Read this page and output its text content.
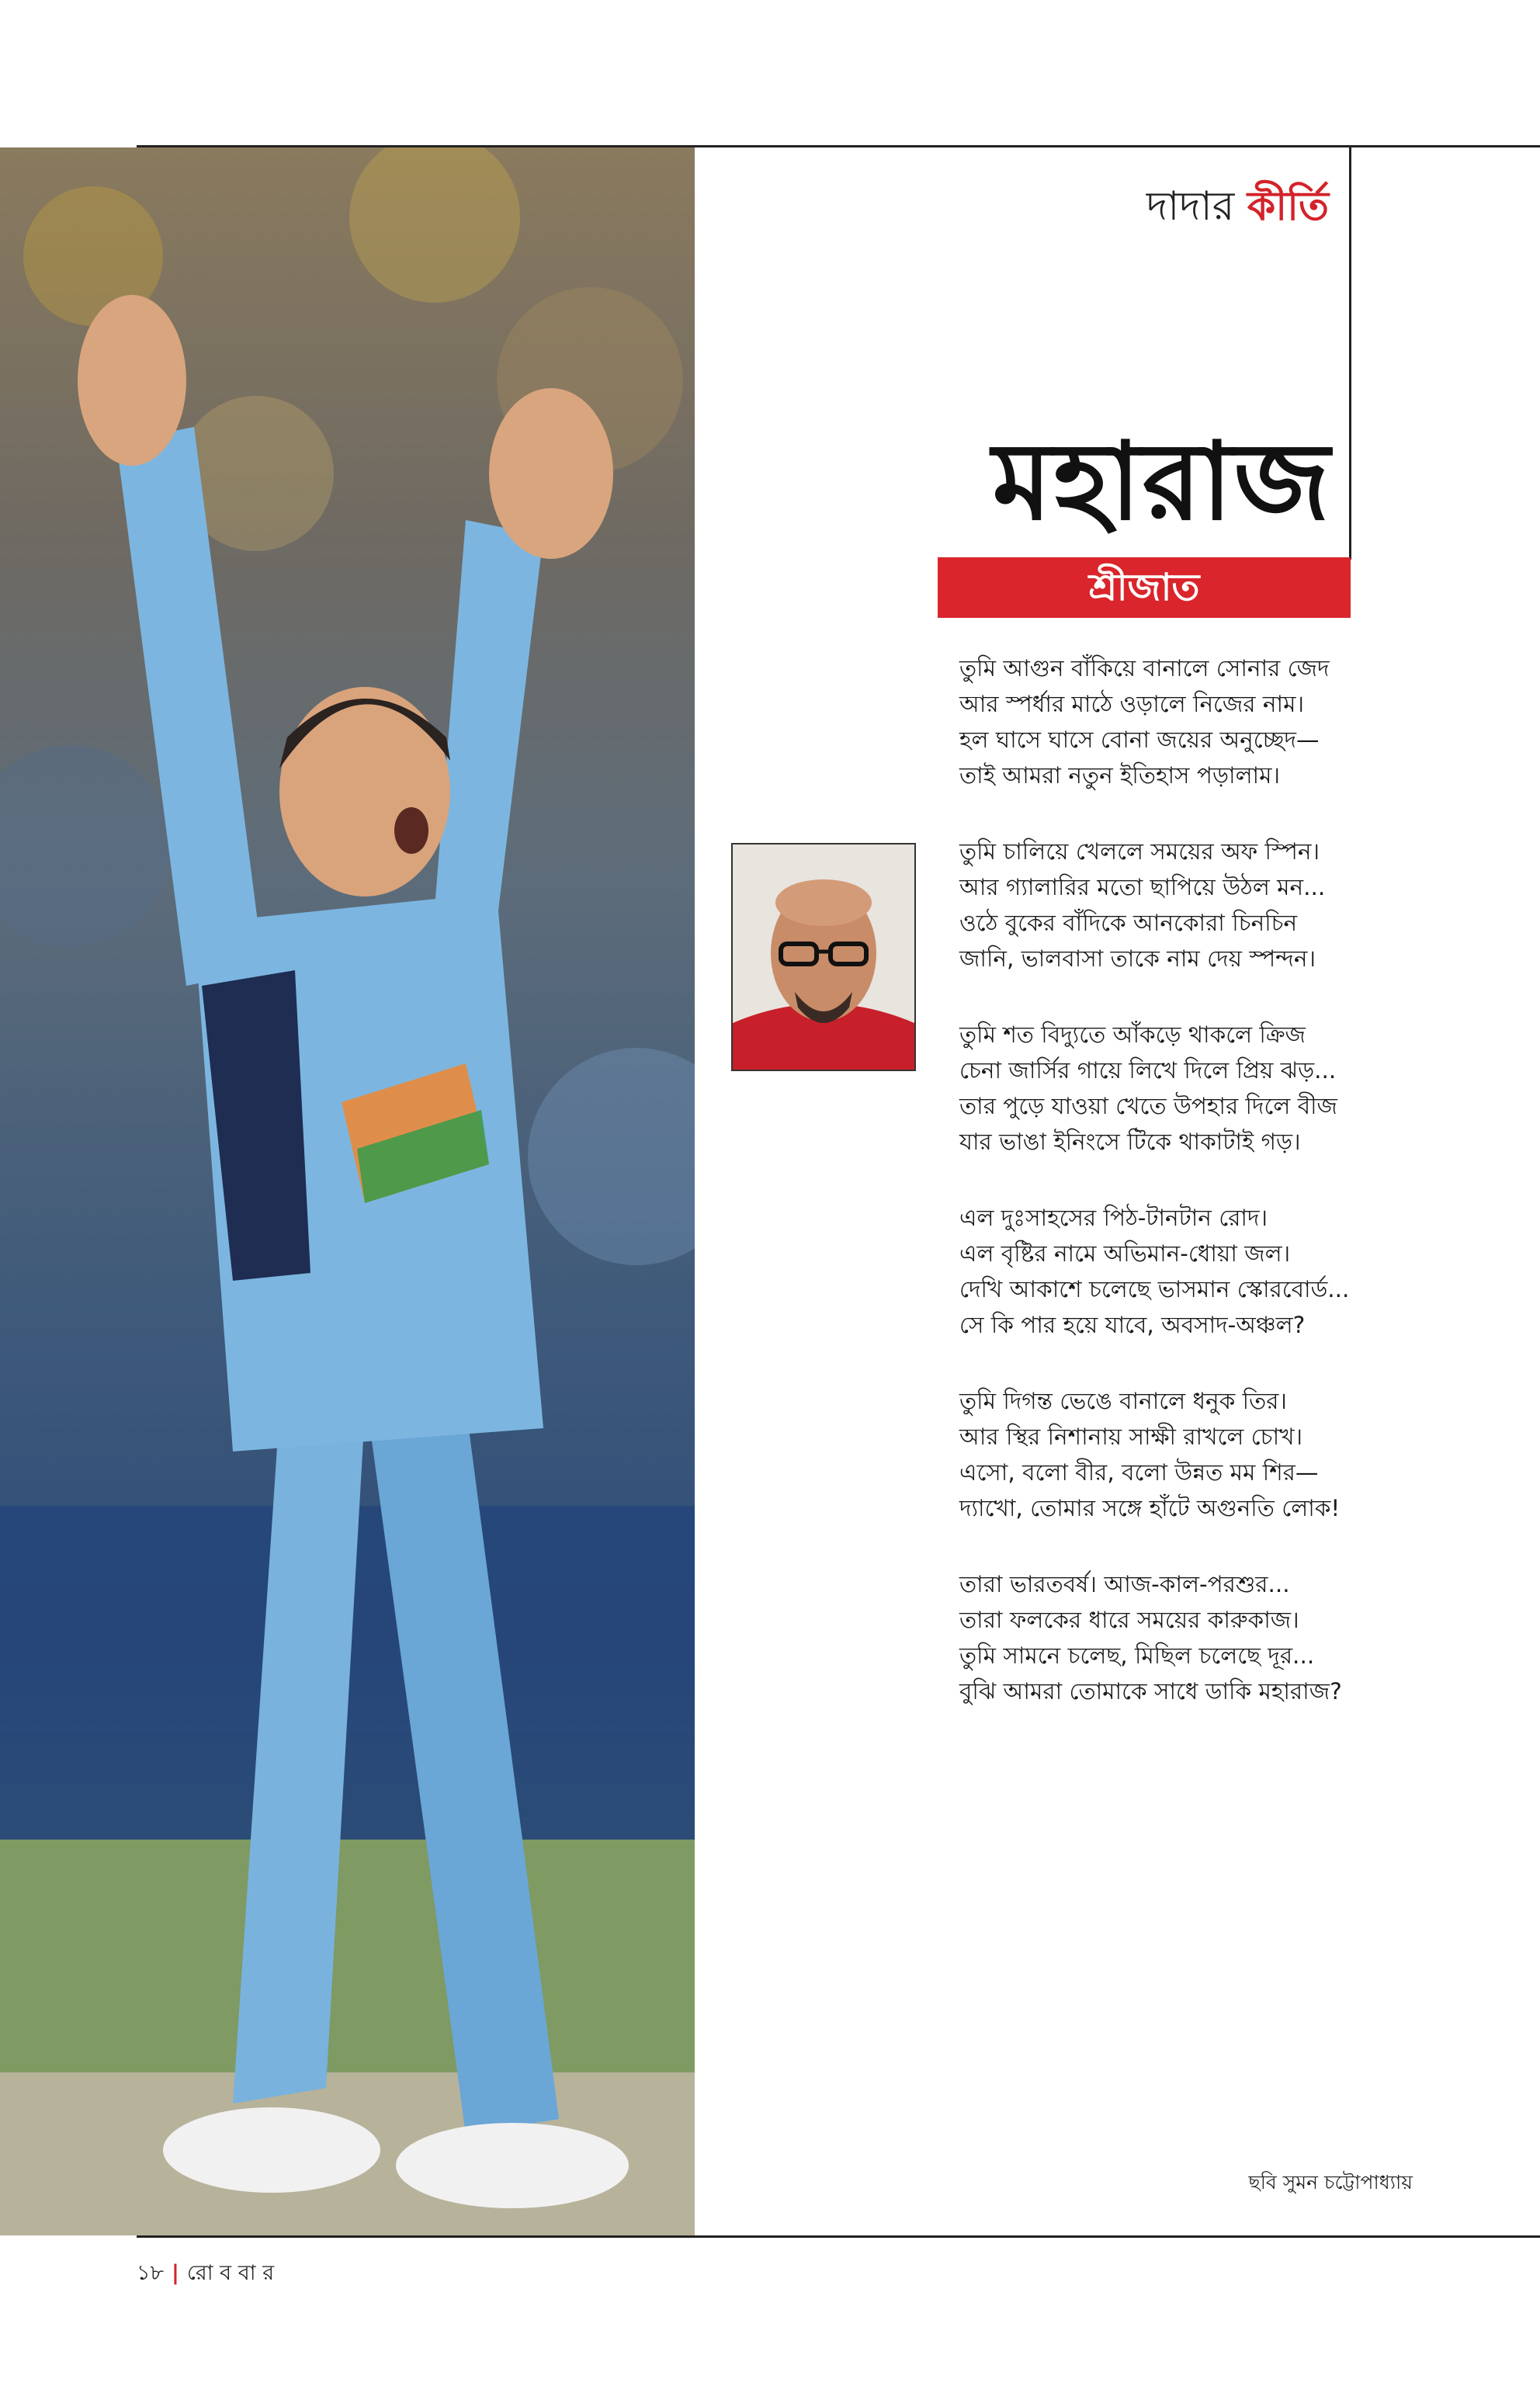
দাদার কীর্তি
মহারাজ
শ্রীজাত
তুমি আগুন বাঁকিয়ে বানালে সোনার জেদ
আর স্পর্ধার মাঠে ওড়ালে নিজের নাম।
হল ঘাসে ঘাসে বোনা জয়ের অনুচ্ছেদ—
তাই আমরা নতুন ইতিহাস পড়ালাম।
তুমি চালিয়ে খেললে সময়ের অফ স্পিন।
আর গ্যালারির মতো ছাপিয়ে উঠল মন...
ওঠে বুকের বাঁদিকে আনকোরা চিনচিন
জানি, ভালবাসা তাকে নাম দেয় স্পন্দন।
তুমি শত বিদ্যুতে আঁকড়ে থাকলে ক্রিজ
চেনা জার্সির গায়ে লিখে দিলে প্রিয় ঝড়...
তার পুড়ে যাওয়া খেতে উপহার দিলে বীজ
যার ভাঙা ইনিংসে টিকে থাকাটাই গড়।
এল দুঃসাহসের পিঠ-টানটান রোদ।
এল বৃষ্টির নামে অভিমান-ধোয়া জল।
দেখি আকাশে চলেছে ভাসমান স্কোরবোর্ড...
সে কি পার হয়ে যাবে, অবসাদ-অঞ্চল?
তুমি দিগন্ত ভেঙে বানালে ধনুক তির।
আর স্থির নিশানায় সাক্ষী রাখলে চোখ।
এসো, বলো বীর, বলো উন্নত মম শির—
দ্যাখো, তোমার সঙ্গে হাঁটে অগুনতি লোক!
তারা ভারতবর্ষ। আজ-কাল-পরশুর...
তারা ফলকের ধারে সময়ের কারুকাজ।
তুমি সামনে চলেছ, মিছিল চলেছে দূর...
বুঝি আমরা তোমাকে সাধে ডাকি মহারাজ?
ছবি সুমন চট্টোপাধ্যায়
১৮ | রো ব বা র
